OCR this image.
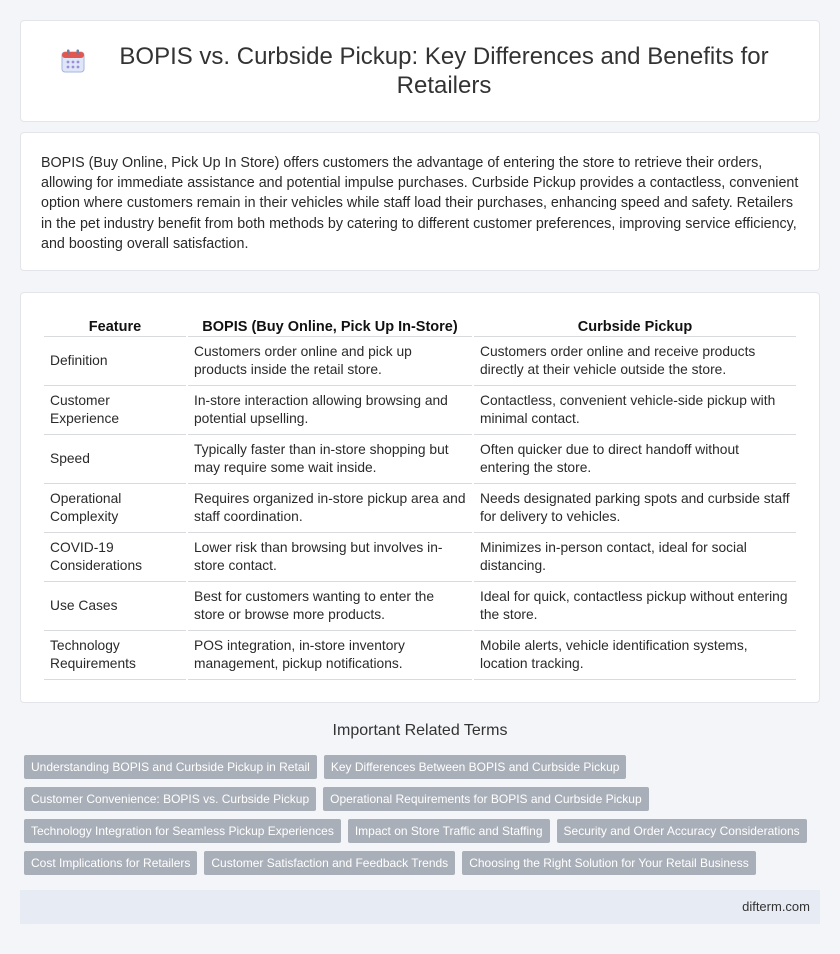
BOPIS vs. Curbside Pickup: Key Differences and Benefits for Retailers

BOPIS (Buy Online, Pick Up In Store) offers customers the advantage of entering the store to retrieve their orders, allowing for immediate assistance and potential impulse purchases. Curbside Pickup provides a contactless, convenient option where customers remain in their vehicles while staff load their purchases, enhancing speed and safety. Retailers in the pet industry benefit from both methods by catering to different customer preferences, improving service efficiency, and boosting overall satisfaction.

Feature	BOPIS (Buy Online, Pick Up In-Store)	Curbside Pickup
Definition	Customers order online and pick up products inside the retail store.	Customers order online and receive products directly at their vehicle outside the store.
Customer Experience	In-store interaction allowing browsing and potential upselling.	Contactless, convenient vehicle-side pickup with minimal contact.
Speed	Typically faster than in-store shopping but may require some wait inside.	Often quicker due to direct handoff without entering the store.
Operational Complexity	Requires organized in-store pickup area and staff coordination.	Needs designated parking spots and curbside staff for delivery to vehicles.
COVID-19 Considerations	Lower risk than browsing but involves in-store contact.	Minimizes in-person contact, ideal for social distancing.
Use Cases	Best for customers wanting to enter the store or browse more products.	Ideal for quick, contactless pickup without entering the store.
Technology Requirements	POS integration, in-store inventory management, pickup notifications.	Mobile alerts, vehicle identification systems, location tracking.
Important Related Terms
Understanding BOPIS and Curbside Pickup in Retail	Key Differences Between BOPIS and Curbside Pickup
Customer Convenience: BOPIS vs. Curbside Pickup	Operational Requirements for BOPIS and Curbside Pickup
Technology Integration for Seamless Pickup Experiences	Impact on Store Traffic and Staffing	Security and Order Accuracy Considerations
Cost Implications for Retailers	Customer Satisfaction and Feedback Trends	Choosing the Right Solution for Your Retail Business
difterm.com
